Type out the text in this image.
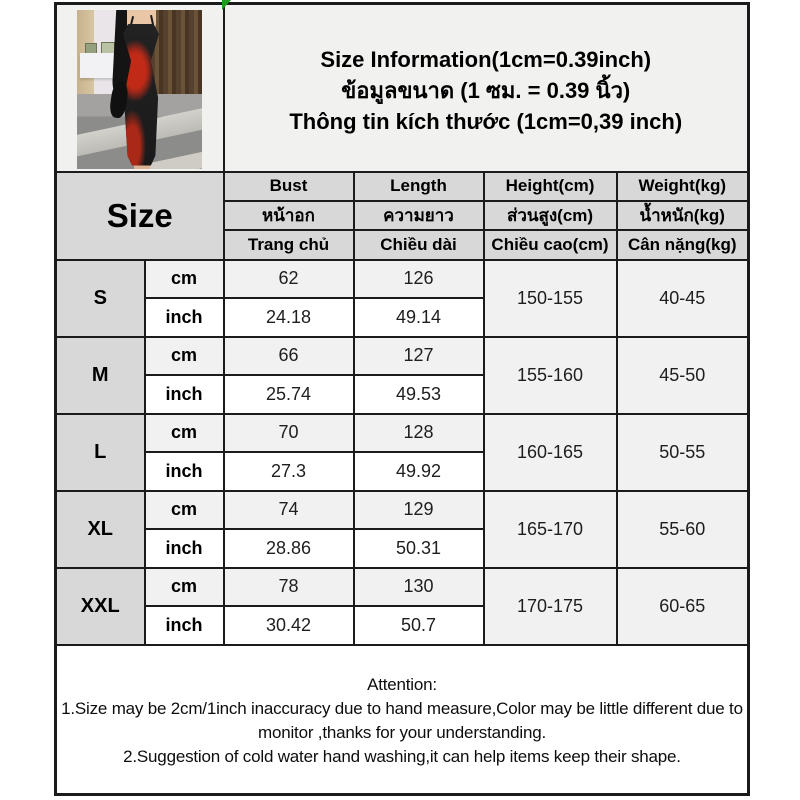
		Size Information(1cm=0.39inch)
ข้อมูลขนาด (1 ซม. = 0.39 นิ้ว)
Thông tin kích thước (1cm=0,39 inch)			

Size		Bust	Length	Height(cm)	Weight(kg)
		หน้าอก	ความยาว	ส่วนสูง(cm)	น้ำหนัก(kg)
		Trang chủ	Chiều dài	Chiều cao(cm)	Cân nặng(kg)
S	cm	62	126	150-155	40-45
	inch	24.18	49.14		
M	cm	66	127	155-160	45-50
	inch	25.74	49.53		
L	cm	70	128	160-165	50-55
	inch	27.3	49.92		
XL	cm	74	129	165-170	55-60
	inch	28.86	50.31		
XXL	cm	78	130	170-175	60-65
	inch	30.42	50.7		

Attention:
1.Size may be 2cm/1inch inaccuracy due to hand measure,Color may be little different due to monitor ,thanks for your understanding.
2.Suggestion of cold water hand washing,it can help items keep their shape.					
